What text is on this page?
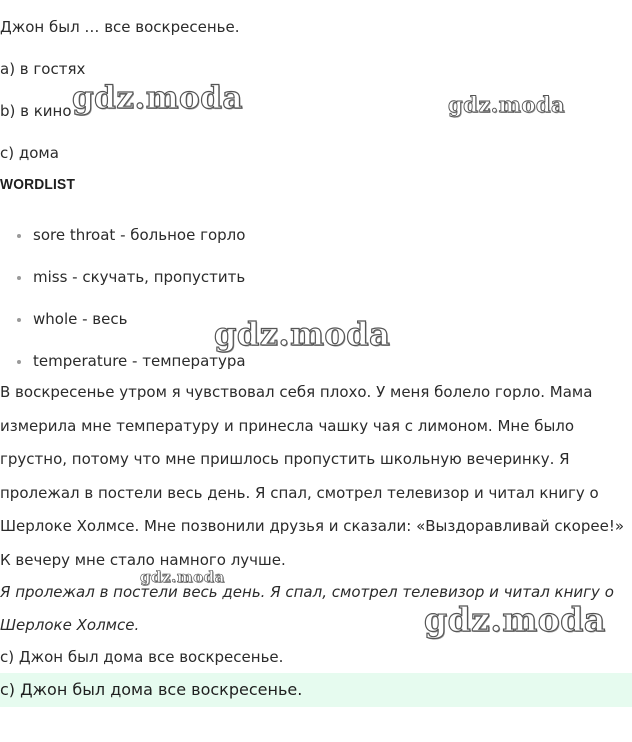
Джон был … все воскресенье.
a) в гостях
b) в кино
c) дома
WORDLIST
sore throat - больное горло
miss - скучать, пропустить
whole - весь
temperature - температура
В воскресенье утром я чувствовал себя плохо. У меня болело горло. Мама
измерила мне температуру и принесла чашку чая с лимоном. Мне было
грустно, потому что мне пришлось пропустить школьную вечеринку. Я
пролежал в постели весь день. Я спал, смотрел телевизор и читал книгу о
Шерлоке Холмсе. Мне позвонили друзья и сказали: «Выздоравливай скорее!»
К вечеру мне стало намного лучше.
Я пролежал в постели весь день. Я спал, смотрел телевизор и читал книгу о
Шерлоке Холмсе.
c) Джон был дома все воскресенье.
c) Джон был дома все воскресенье.
gdz.moda	gdz.moda
gdz.moda
gdz.moda
gdz.moda
